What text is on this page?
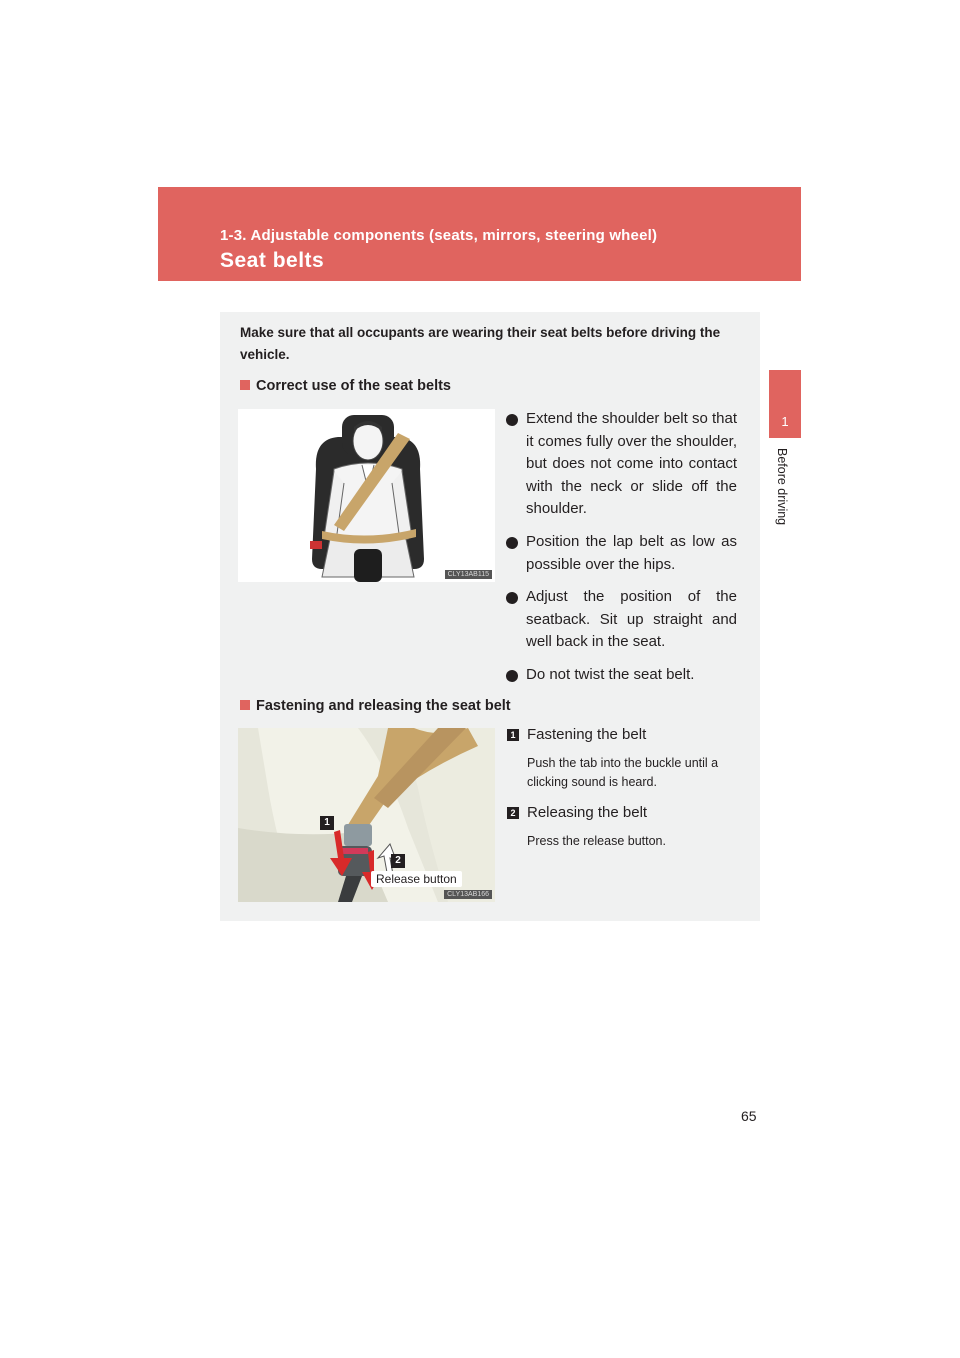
1-3. Adjustable components (seats, mirrors, steering wheel)
Seat belts
1
Before driving
Make sure that all occupants are wearing their seat belts before driving the vehicle.
Correct use of the seat belts
CLY13AB115
Extend the shoulder belt so that it comes fully over the shoulder, but does not come into contact with the neck or slide off the shoulder.
Position the lap belt as low as possible over the hips.
Adjust the position of the seatback. Sit up straight and well back in the seat.
Do not twist the seat belt.
Fastening and releasing the seat belt
1
2
Release button
CLY13AB166
1 Fastening the belt
Push the tab into the buckle until a clicking sound is heard.
2 Releasing the belt
Press the release button.
65
